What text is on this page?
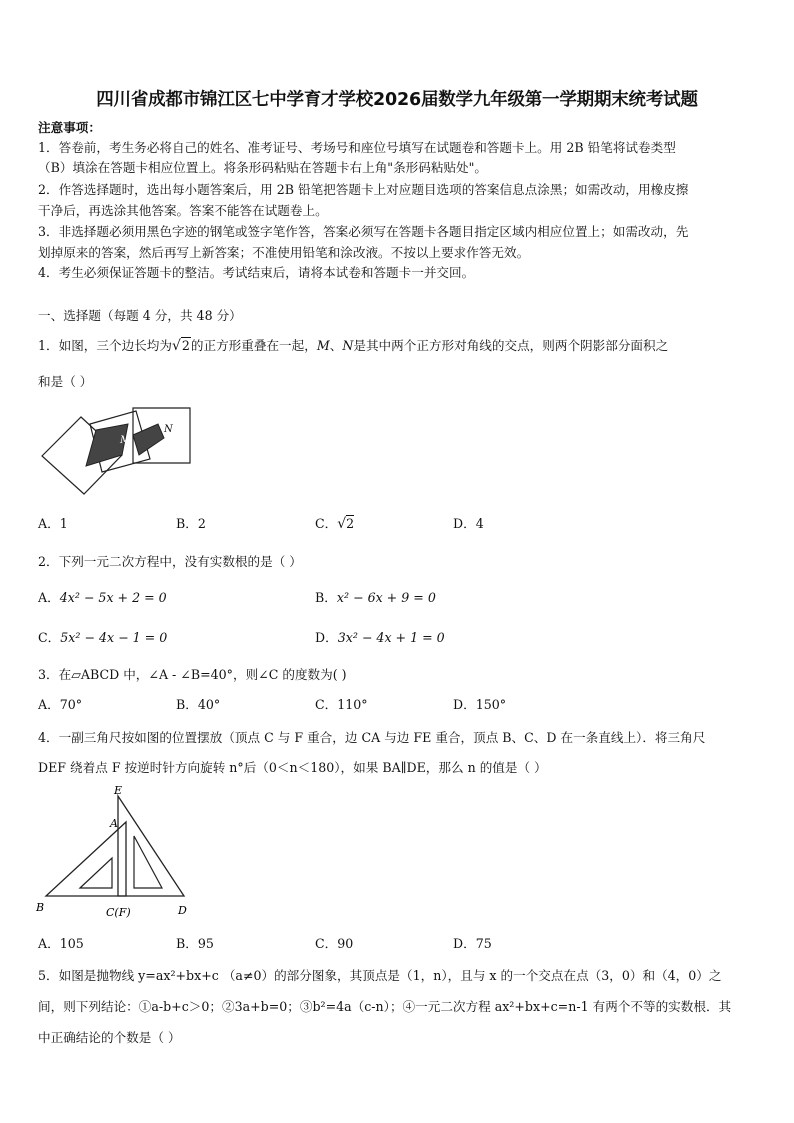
四川省成都市锦江区七中学育才学校2026届数学九年级第一学期期末统考试题
注意事项：
1．答卷前，考生务必将自己的姓名、准考证号、考场号和座位号填写在试题卷和答题卡上。用 2B 铅笔将试卷类型
（B）填涂在答题卡相应位置上。将条形码粘贴在答题卡右上角"条形码粘贴处"。
2．作答选择题时，选出每小题答案后，用 2B 铅笔把答题卡上对应题目选项的答案信息点涂黑；如需改动，用橡皮擦
干净后，再选涂其他答案。答案不能答在试题卷上。
3．非选择题必须用黑色字迹的钢笔或签字笔作答，答案必须写在答题卡各题目指定区域内相应位置上；如需改动，先
划掉原来的答案，然后再写上新答案；不准使用铅笔和涂改液。不按以上要求作答无效。
4．考生必须保证答题卡的整洁。考试结束后，请将本试卷和答题卡一并交回。
一、选择题（每题 4 分，共 48 分）
1．如图，三个边长均为√2的正方形重叠在一起，M、N是其中两个正方形对角线的交点，则两个阴影部分面积之
和是（ ）
M
N
A．1	B．2	C．√2	D．4
2．下列一元二次方程中，没有实数根的是（ ）
A．4x² − 5x + 2 = 0	B．x² − 6x + 9 = 0
C．5x² − 4x − 1 = 0	D．3x² − 4x + 1 = 0
3．在▱ABCD 中，∠A - ∠B=40°，则∠C 的度数为( )
A．70°	B．40°	C．110°	D．150°
4．一副三角尺按如图的位置摆放（顶点 C 与 F 重合，边 CA 与边 FE 重合，顶点 B、C、D 在一条直线上）．将三角尺
DEF 绕着点 F 按逆时针方向旋转 n°后（0＜n＜180），如果 BA∥DE，那么 n 的值是（ ）
E
A
B	C(F)	D
A．105	B．95	C．90	D．75
5．如图是抛物线 y=ax²+bx+c （a≠0）的部分图象，其顶点是（1，n），且与 x 的一个交点在点（3，0）和（4，0）之
间，则下列结论：①a-b+c＞0；②3a+b=0；③b²=4a（c-n）；④一元二次方程 ax²+bx+c=n-1 有两个不等的实数根．其
中正确结论的个数是（ ）
